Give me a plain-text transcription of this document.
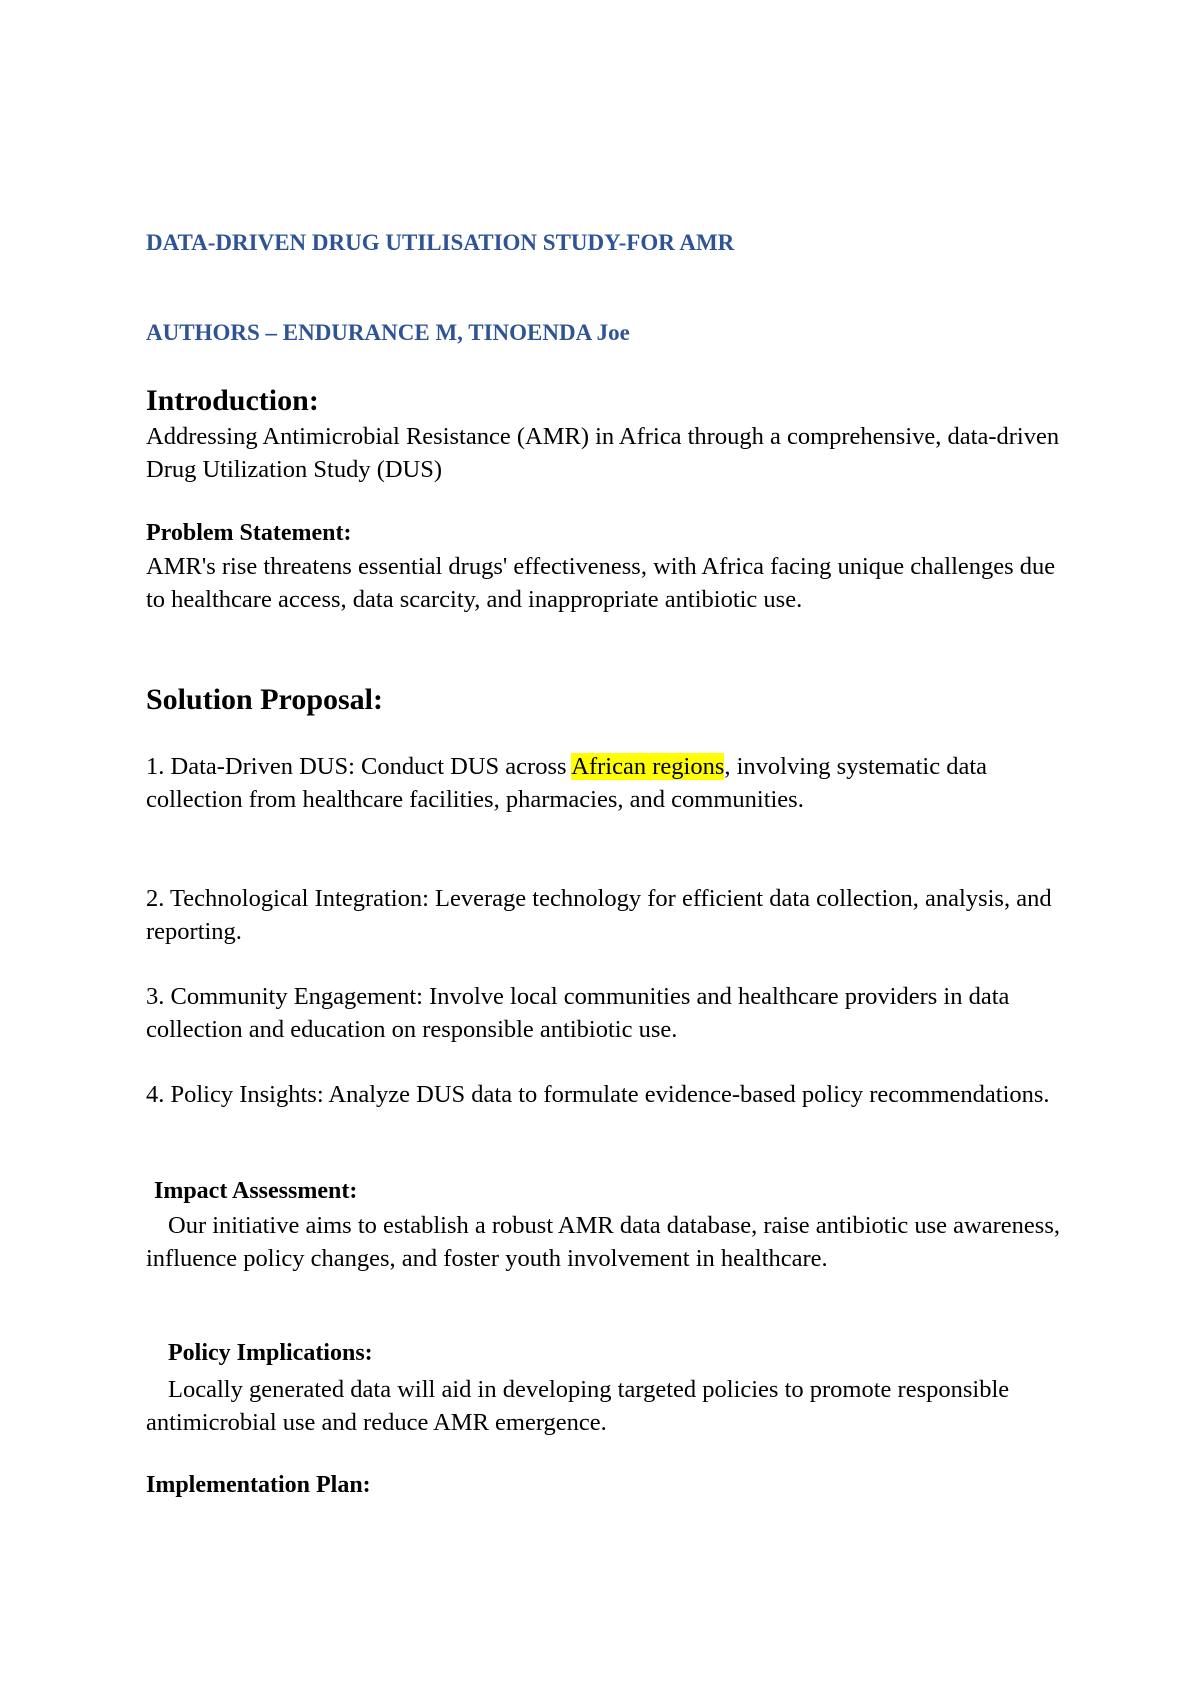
DATA-DRIVEN DRUG UTILISATION STUDY-FOR AMR
AUTHORS – ENDURANCE M, TINOENDA Joe
Introduction:
Addressing Antimicrobial Resistance (AMR) in Africa through a comprehensive, data-driven Drug Utilization Study (DUS)
Problem Statement:
AMR's rise threatens essential drugs' effectiveness, with Africa facing unique challenges due to healthcare access, data scarcity, and inappropriate antibiotic use.
Solution Proposal:
1. Data-Driven DUS: Conduct DUS across African regions, involving systematic data collection from healthcare facilities, pharmacies, and communities.
2. Technological Integration: Leverage technology for efficient data collection, analysis, and reporting.
3. Community Engagement: Involve local communities and healthcare providers in data collection and education on responsible antibiotic use.
4. Policy Insights: Analyze DUS data to formulate evidence-based policy recommendations.
Impact Assessment:
Our initiative aims to establish a robust AMR data database, raise antibiotic use awareness, influence policy changes, and foster youth involvement in healthcare.
Policy Implications:
Locally generated data will aid in developing targeted policies to promote responsible antimicrobial use and reduce AMR emergence.
Implementation Plan:
